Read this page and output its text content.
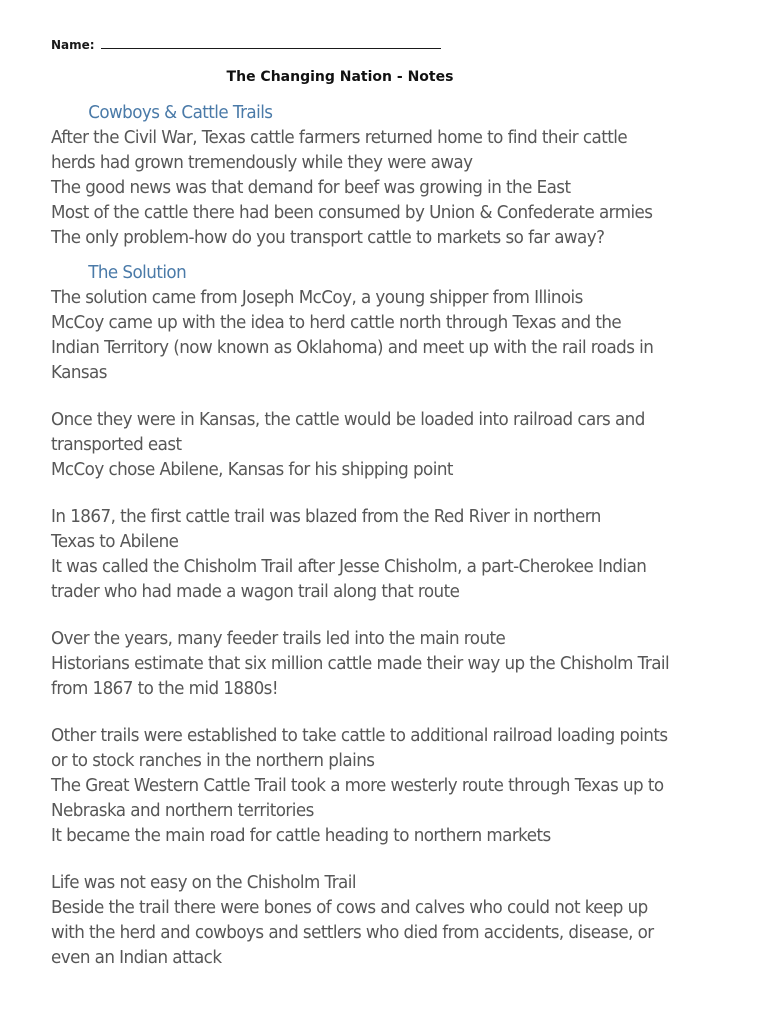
Name:
The Changing Nation - Notes
Cowboys & Cattle Trails
After the Civil War, Texas cattle farmers returned home to find their cattle
herds had grown tremendously while they were away
The good news was that demand for beef was growing in the East
Most of the cattle there had been consumed by Union & Confederate armies
The only problem-how do you transport cattle to markets so far away?
The Solution
The solution came from Joseph McCoy, a young shipper from Illinois
McCoy came up with the idea to herd cattle north through Texas and the
Indian Territory (now known as Oklahoma) and meet up with the rail roads in
Kansas
Once they were in Kansas, the cattle would be loaded into railroad cars and
transported east
McCoy chose Abilene, Kansas for his shipping point
In 1867, the first cattle trail was blazed from the Red River in northern
Texas to Abilene
It was called the Chisholm Trail after Jesse Chisholm, a part-Cherokee Indian
trader who had made a wagon trail along that route
Over the years, many feeder trails led into the main route
Historians estimate that six million cattle made their way up the Chisholm Trail
from 1867 to the mid 1880s!
Other trails were established to take cattle to additional railroad loading points
or to stock ranches in the northern plains
The Great Western Cattle Trail took a more westerly route through Texas up to
Nebraska and northern territories
It became the main road for cattle heading to northern markets
Life was not easy on the Chisholm Trail
Beside the trail there were bones of cows and calves who could not keep up
with the herd and cowboys and settlers who died from accidents, disease, or
even an Indian attack
